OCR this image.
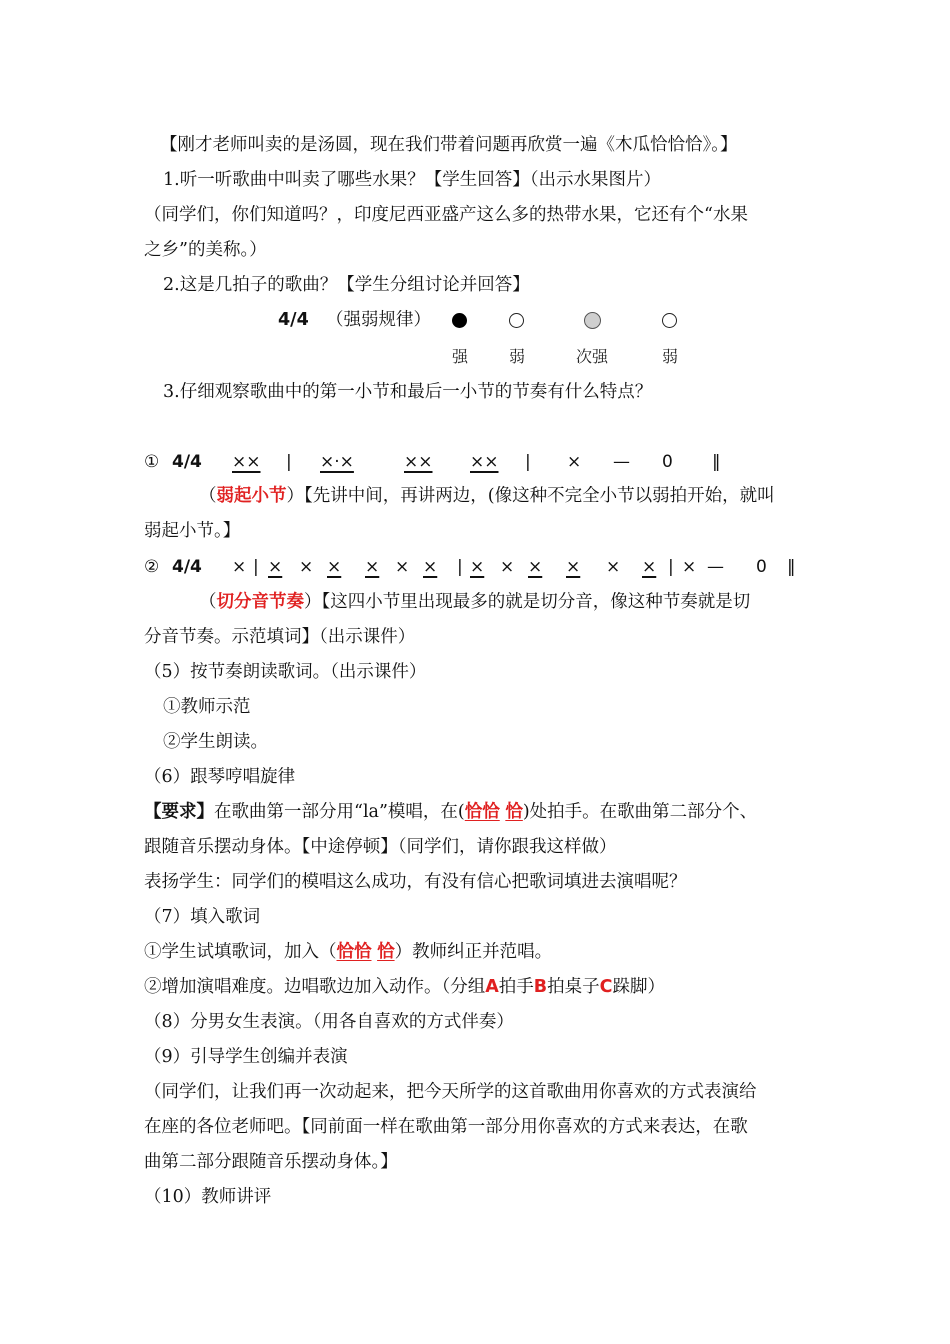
【刚才老师叫卖的是汤圆，现在我们带着问题再欣赏一遍《木瓜恰恰恰》。】
1.听一听歌曲中叫卖了哪些水果？【学生回答】（出示水果图片）
（同学们，你们知道吗？，印度尼西亚盛产这么多的热带水果，它还有个“水果
之乡”的美称。）
2.这是几拍子的歌曲？【学生分组讨论并回答】
4/4 （强弱规律）
强	弱	次强	弱
3.仔细观察歌曲中的第一小节和最后一小节的节奏有什么特点？
① 4/4 ×× | ×·×	×× ×× | × — 0 ‖
（弱起小节）【先讲中间，再讲两边，(像这种不完全小节以弱拍开始，就叫
弱起小节。】
② 4/4 × | × × × × × × | × × × × × × | × — 0 ‖
（切分音节奏）【这四小节里出现最多的就是切分音，像这种节奏就是切
分音节奏。示范填词】（出示课件）
（5）按节奏朗读歌词。（出示课件）
①教师示范
②学生朗读。
（6）跟琴哼唱旋律
【要求】在歌曲第一部分用“la”模唱，在(恰恰 恰)处拍手。在歌曲第二部分个、
跟随音乐摆动身体。【中途停顿】（同学们，请你跟我这样做）
表扬学生：同学们的模唱这么成功，有没有信心把歌词填进去演唱呢？
（7）填入歌词
①学生试填歌词，加入（恰恰 恰）教师纠正并范唱。
②增加演唱难度。边唱歌边加入动作。（分组A拍手B拍桌子C跺脚）
（8）分男女生表演。（用各自喜欢的方式伴奏）
（9）引导学生创编并表演
（同学们，让我们再一次动起来，把今天所学的这首歌曲用你喜欢的方式表演给
在座的各位老师吧。【同前面一样在歌曲第一部分用你喜欢的方式来表达，在歌
曲第二部分跟随音乐摆动身体。】
（10）教师讲评
